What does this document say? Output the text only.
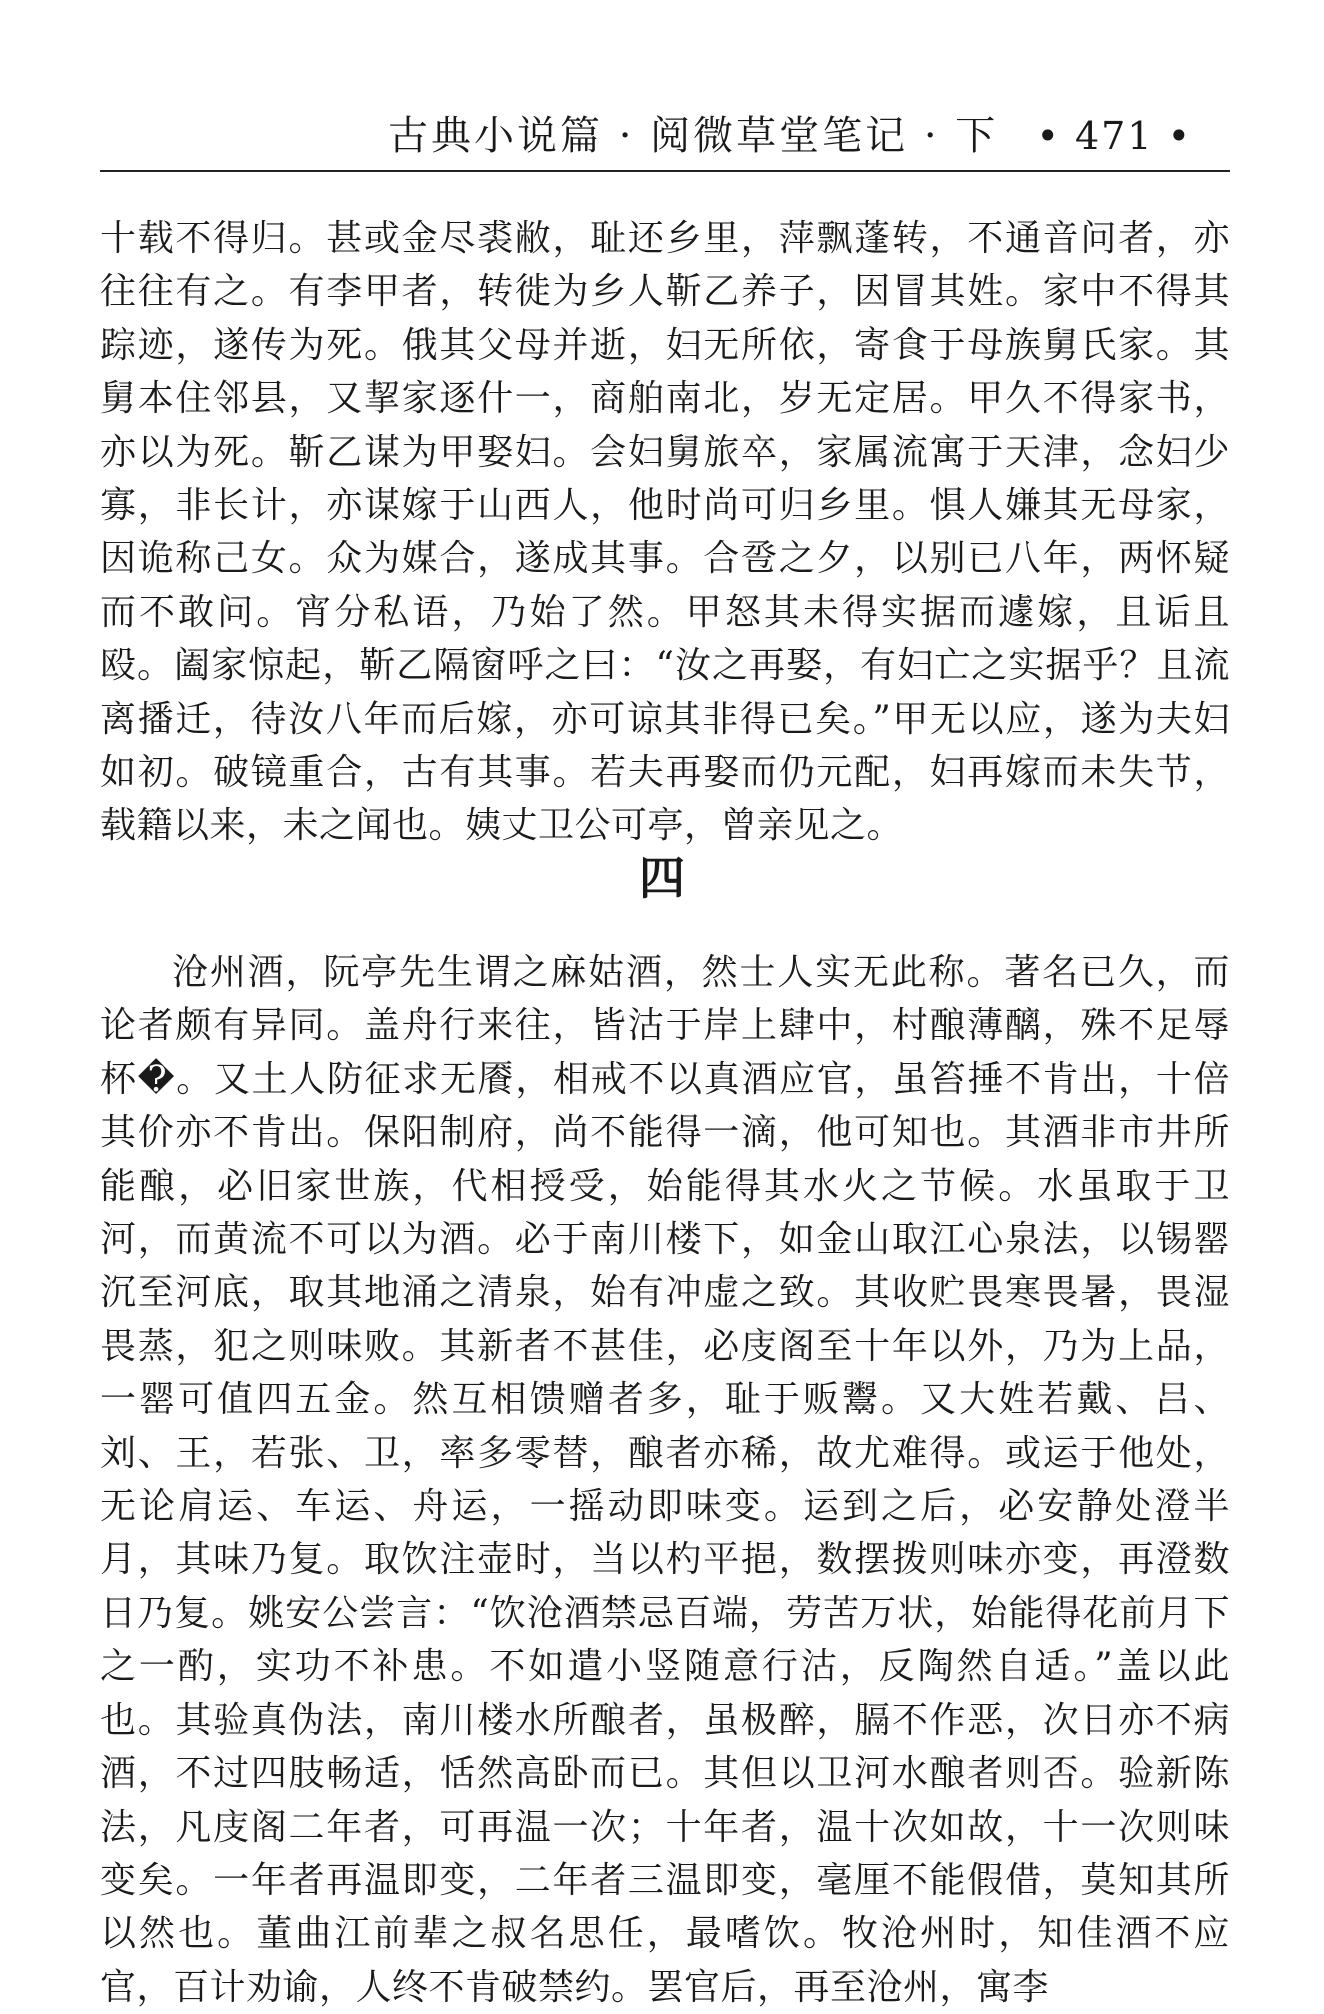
古典小说篇 · 阅微草堂笔记 · 下 • 471 •

十载不得归。甚或金尽裘敝，耻还乡里，萍飘蓬转，不通音问者，亦往往有之。有李甲者，转徙为乡人靳乙养子，因冒其姓。家中不得其踪迹，遂传为死。俄其父母并逝，妇无所依，寄食于母族舅氏家。其舅本住邻县，又挈家逐什一，商舶南北，岁无定居。甲久不得家书，亦以为死。靳乙谋为甲娶妇。会妇舅旅卒，家属流寓于天津，念妇少寡，非长计，亦谋嫁于山西人，他时尚可归乡里。惧人嫌其无母家，因诡称己女。众为媒合，遂成其事。合卺之夕，以别已八年，两怀疑而不敢问。宵分私语，乃始了然。甲怒其未得实据而遽嫁，且诟且殴。阖家惊起，靳乙隔窗呼之曰：“汝之再娶，有妇亡之实据乎？且流离播迁，待汝八年而后嫁，亦可谅其非得已矣。”甲无以应，遂为夫妇如初。破镜重合，古有其事。若夫再娶而仍元配，妇再嫁而未失节，载籍以来，未之闻也。姨丈卫公可亭，曾亲见之。

四

沧州酒，阮亭先生谓之麻姑酒，然士人实无此称。著名已久，而论者颇有异同。盖舟行来往，皆沽于岸上肆中，村酿薄醨，殊不足辱杯�。又土人防征求无餍，相戒不以真酒应官，虽笞捶不肯出，十倍其价亦不肯出。保阳制府，尚不能得一滴，他可知也。其酒非市井所能酿，必旧家世族，代相授受，始能得其水火之节候。水虽取于卫河，而黄流不可以为酒。必于南川楼下，如金山取江心泉法，以锡罂沉至河底，取其地涌之清泉，始有冲虚之致。其收贮畏寒畏暑，畏湿畏蒸，犯之则味败。其新者不甚佳，必庋阁至十年以外，乃为上品，一罂可值四五金。然互相馈赠者多，耻于贩鬻。又大姓若戴、吕、刘、王，若张、卫，率多零替，酿者亦稀，故尤难得。或运于他处，无论肩运、车运、舟运，一摇动即味变。运到之后，必安静处澄半月，其味乃复。取饮注壶时，当以杓平挹，数摆拨则味亦变，再澄数日乃复。姚安公尝言：“饮沧酒禁忌百端，劳苦万状，始能得花前月下之一酌，实功不补患。不如遣小竖随意行沽，反陶然自适。”盖以此也。其验真伪法，南川楼水所酿者，虽极醉，膈不作恶，次日亦不病酒，不过四肢畅适，恬然高卧而已。其但以卫河水酿者则否。验新陈法，凡庋阁二年者，可再温一次；十年者，温十次如故，十一次则味变矣。一年者再温即变，二年者三温即变，毫厘不能假借，莫知其所以然也。董曲江前辈之叔名思任，最嗜饮。牧沧州时，知佳酒不应官，百计劝谕，人终不肯破禁约。罢官后，再至沧州，寓李
